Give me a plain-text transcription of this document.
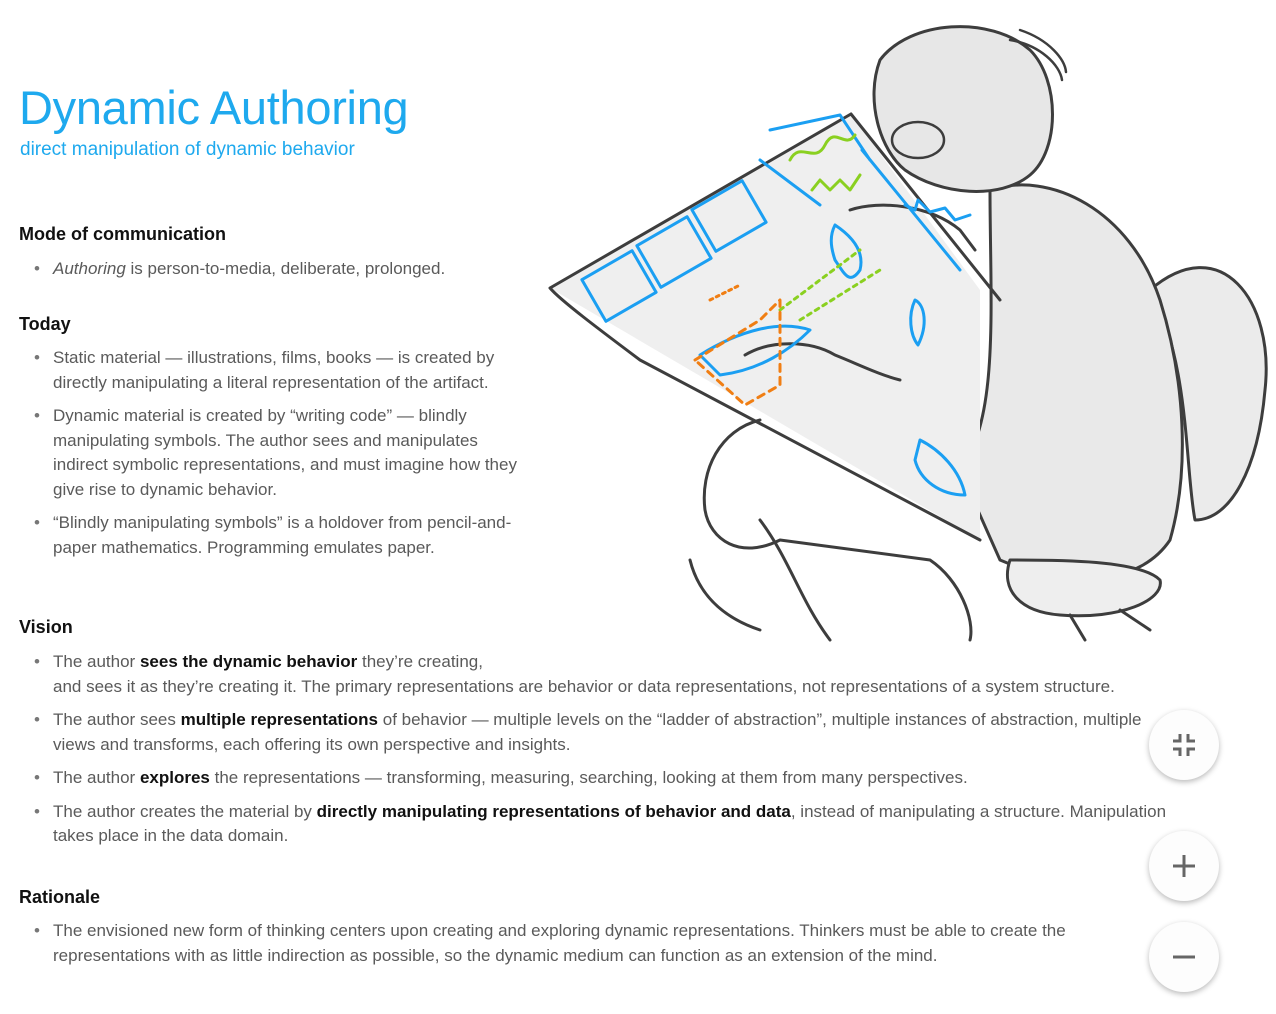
Dynamic Authoring

direct manipulation of dynamic behavior

Mode of communication
• Authoring is person-to-media, deliberate, prolonged.
Today
• Static material — illustrations, films, books — is created by directly manipulating a literal representation of the artifact.
• Dynamic material is created by “writing code” — blindly manipulating symbols. The author sees and manipulates indirect symbolic representations, and must imagine how they give rise to dynamic behavior.
• “Blindly manipulating symbols” is a holdover from pencil-and-paper mathematics. Programming emulates paper.
Vision
• The author sees the dynamic behavior they’re creating,
and sees it as they’re creating it. The primary representations are behavior or data representations, not representations of a system structure.
• The author sees multiple representations of behavior — multiple levels on the “ladder of abstraction”, multiple instances of abstraction, multiple views and transforms, each offering its own perspective and insights.
• The author explores the representations — transforming, measuring, searching, looking at them from many perspectives.
• The author creates the material by directly manipulating representations of behavior and data, instead of manipulating a structure. Manipulation takes place in the data domain.
Rationale
• The envisioned new form of thinking centers upon creating and exploring dynamic representations. Thinkers must be able to create the representations with as little indirection as possible, so the dynamic medium can function as an extension of the mind.
